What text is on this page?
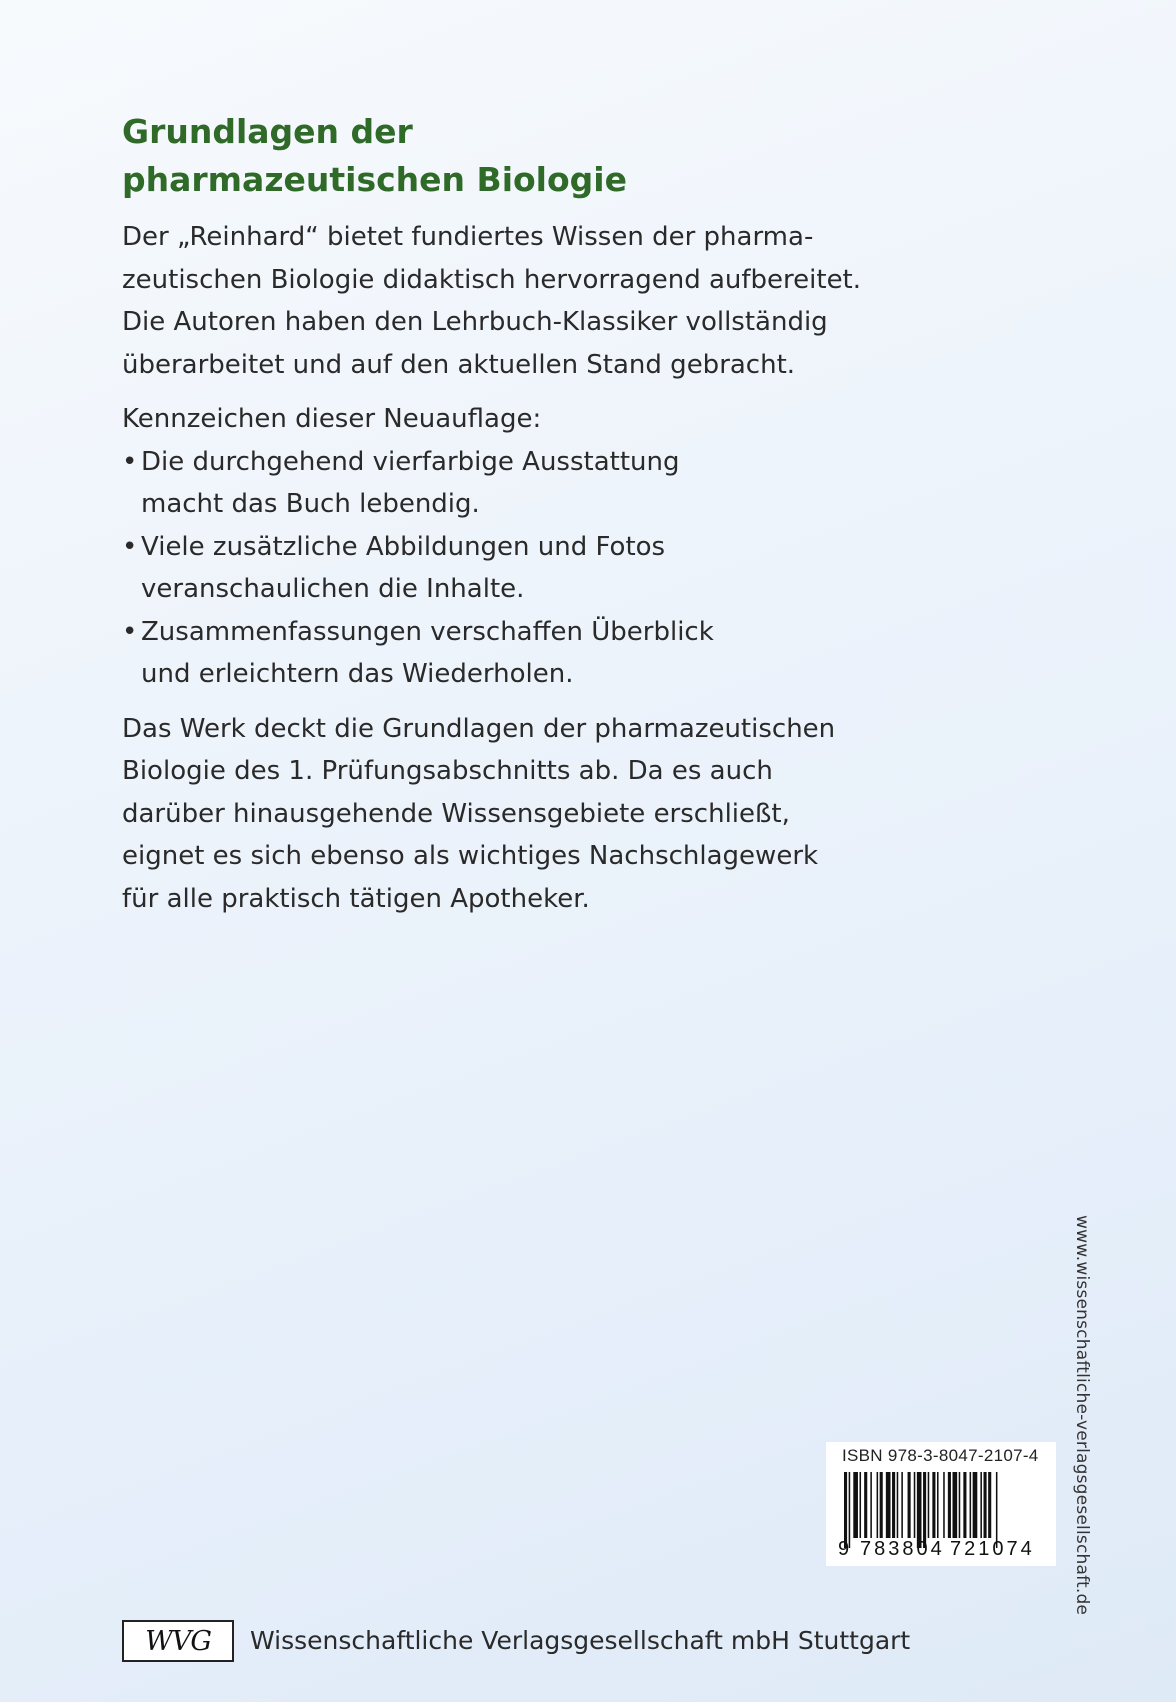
Grundlagen der
pharmazeutischen Biologie

Der „Reinhard“ bietet fundiertes Wissen der pharma-
zeutischen Biologie didaktisch hervorragend aufbereitet.
Die Autoren haben den Lehrbuch-Klassiker vollständig
überarbeitet und auf den aktuellen Stand gebracht.

Kennzeichen dieser Neuauflage:

• Die durchgehend vierfarbige Ausstattung
macht das Buch lebendig.
• Viele zusätzliche Abbildungen und Fotos
veranschaulichen die Inhalte.
• Zusammenfassungen verschaffen Überblick
und erleichtern das Wiederholen.

Das Werk deckt die Grundlagen der pharmazeutischen
Biologie des 1. Prüfungsabschnitts ab. Da es auch
darüber hinausgehende Wissensgebiete erschließt,
eignet es sich ebenso als wichtiges Nachschlagewerk
für alle praktisch tätigen Apotheker.

www.wissenschaftliche-verlagsgesellschaft.de
ISBN 978-3-8047-2107-4
9 783804 721074
WVG	Wissenschaftliche Verlagsgesellschaft mbH Stuttgart
